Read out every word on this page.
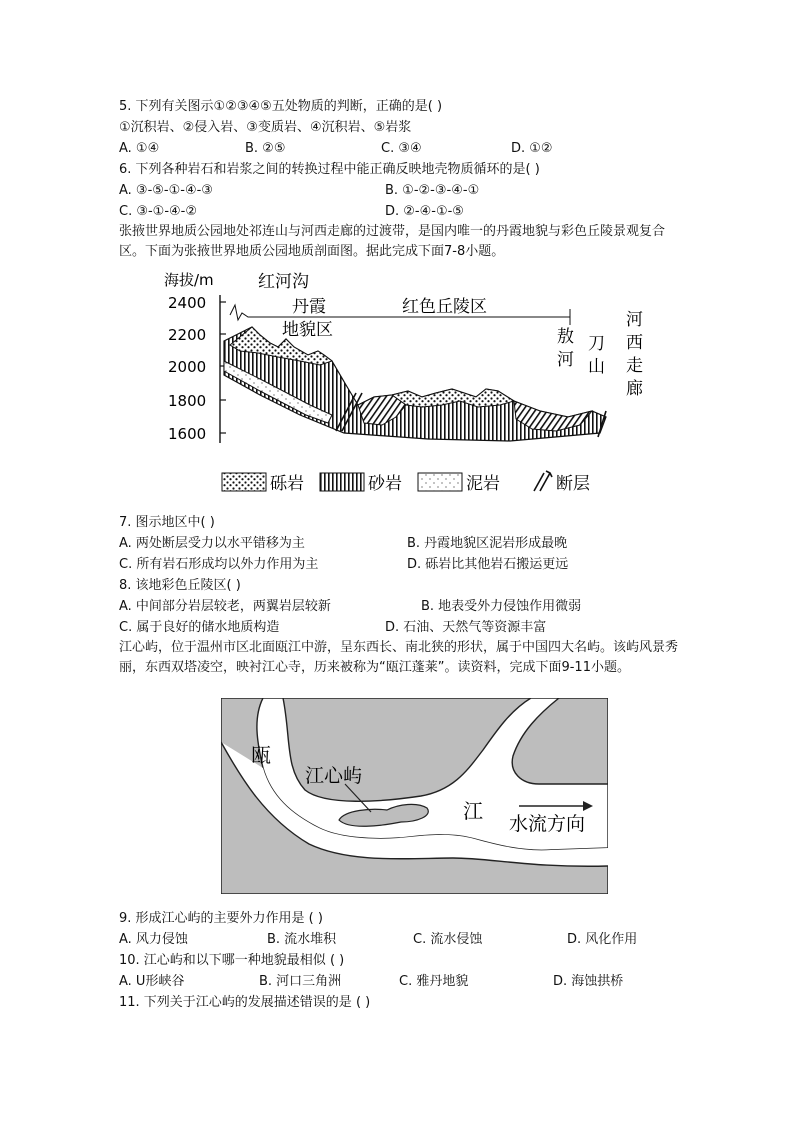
5. 下列有关图示①②③④⑤五处物质的判断，正确的是( )
①沉积岩、②侵入岩、③变质岩、④沉积岩、⑤岩浆
A. ①④	B. ②⑤	C. ③④	D. ①②
6. 下列各种岩石和岩浆之间的转换过程中能正确反映地壳物质循环的是( )
A. ③-⑤-①-④-③	B. ①-②-③-④-①
C. ③-①-④-②	D. ②-④-①-⑤
张掖世界地质公园地处祁连山与河西走廊的过渡带，是国内唯一的丹霞地貌与彩色丘陵景观复合区。下面为张掖世界地质公园地质剖面图。据此完成下面7-8小题。
海拔/m
2400
2200
2000
1800
1600
红河沟
丹霞
地貌区
红色丘陵区
敖
河
刀
山
河
西
走
廊
砾岩	砂岩	泥岩	断层
7. 图示地区中( )
A. 两处断层受力以水平错移为主	B. 丹霞地貌区泥岩形成最晚
C. 所有岩石形成均以外力作用为主	D. 砾岩比其他岩石搬运更远
8. 该地彩色丘陵区( )
A. 中间部分岩层较老，两翼岩层较新	B. 地表受外力侵蚀作用微弱
C. 属于良好的储水地质构造	D. 石油、天然气等资源丰富
江心屿，位于温州市区北面瓯江中游，呈东西长、南北狭的形状，属于中国四大名屿。该屿风景秀丽，东西双塔凌空，映衬江心寺，历来被称为“瓯江蓬莱”。读资料，完成下面9-11小题。
瓯
江心屿
江
水流方向
9. 形成江心屿的主要外力作用是 ( )
A. 风力侵蚀	B. 流水堆积	C. 流水侵蚀	D. 风化作用
10. 江心屿和以下哪一种地貌最相似 ( )
A. U形峡谷	B. 河口三角洲	C. 雅丹地貌	D. 海蚀拱桥
11. 下列关于江心屿的发展描述错误的是 ( )
